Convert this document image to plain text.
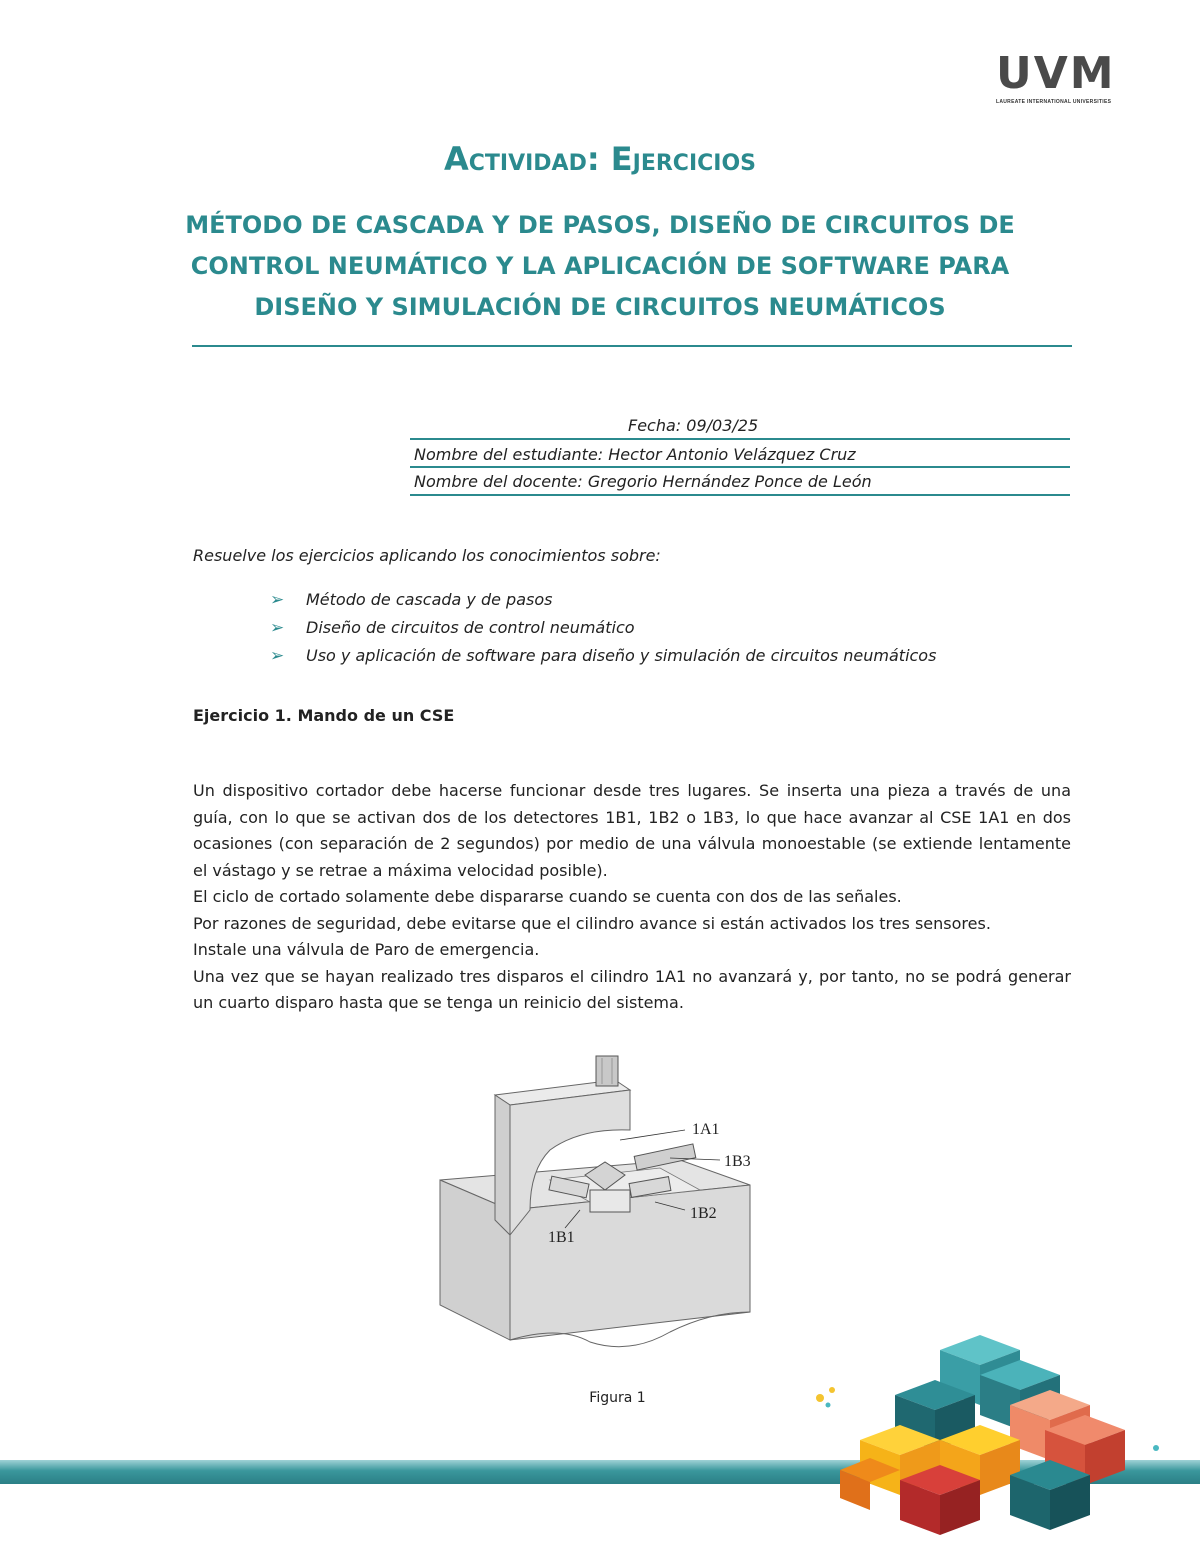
UVM
LAUREATE INTERNATIONAL UNIVERSITIES
Actividad: Ejercicios
MÉTODO DE CASCADA Y DE PASOS, DISEÑO DE CIRCUITOS DE
CONTROL NEUMÁTICO Y LA APLICACIÓN DE SOFTWARE PARA
DISEÑO Y SIMULACIÓN DE CIRCUITOS NEUMÁTICOS
Fecha: 09/03/25
Nombre del estudiante: Hector Antonio Velázquez Cruz
Nombre del docente: Gregorio Hernández Ponce de León
Resuelve los ejercicios aplicando los conocimientos sobre:
➢	Método de cascada y de pasos
➢	Diseño de circuitos de control neumático
➢	Uso y aplicación de software para diseño y simulación de circuitos neumáticos
Ejercicio 1. Mando de un CSE

Un dispositivo cortador debe hacerse funcionar desde tres lugares. Se inserta una pieza a través de una guía, con lo que se activan dos de los detectores 1B1, 1B2 o 1B3, lo que hace avanzar al CSE 1A1 en dos ocasiones (con separación de 2 segundos) por medio de una válvula monoestable (se extiende lentamente el vástago y se retrae a máxima velocidad posible).

El ciclo de cortado solamente debe dispararse cuando se cuenta con dos de las señales.

Por razones de seguridad, debe evitarse que el cilindro avance si están activados los tres sensores.

Instale una válvula de Paro de emergencia.

Una vez que se hayan realizado tres disparos el cilindro 1A1 no avanzará y, por tanto, no se podrá generar un cuarto disparo hasta que se tenga un reinicio del sistema.

1A1
1B3
1B2
1B1
Figura 1
